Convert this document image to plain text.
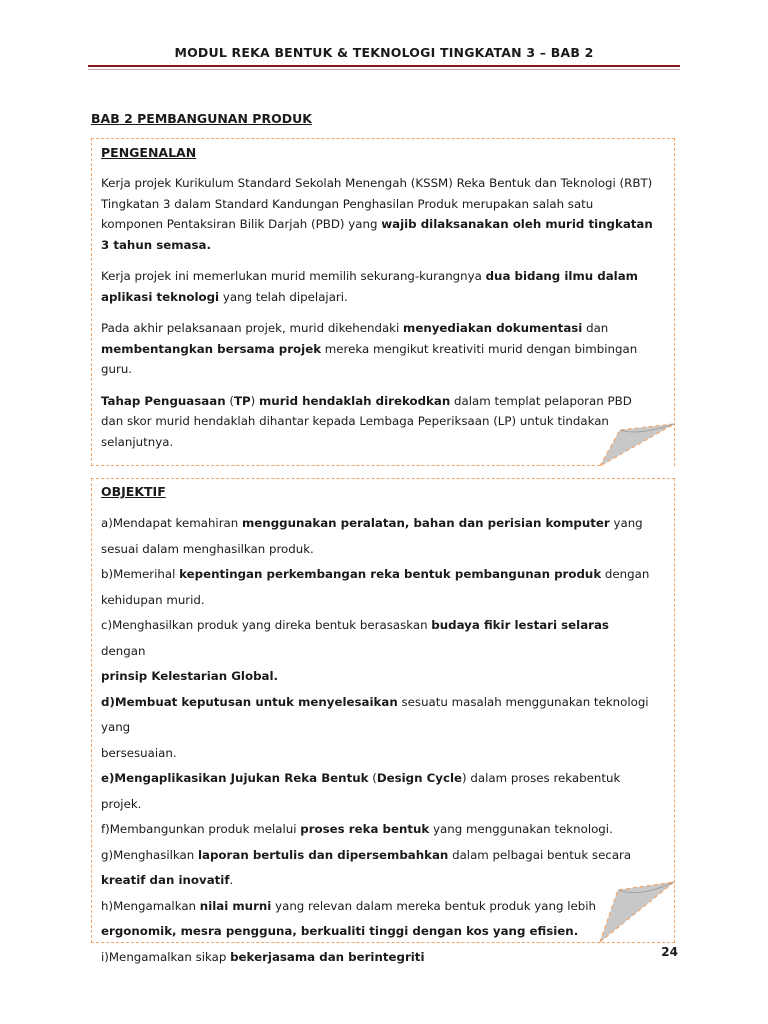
MODUL REKA BENTUK & TEKNOLOGI TINGKATAN 3 – BAB 2
BAB 2 PEMBANGUNAN PRODUK
PENGENALAN

Kerja projek Kurikulum Standard Sekolah Menengah (KSSM) Reka Bentuk dan Teknologi (RBT) Tingkatan 3 dalam Standard Kandungan Penghasilan Produk merupakan salah satu komponen Pentaksiran Bilik Darjah (PBD) yang wajib dilaksanakan oleh murid tingkatan 3 tahun semasa.

Kerja projek ini memerlukan murid memilih sekurang-kurangnya dua bidang ilmu dalam aplikasi teknologi yang telah dipelajari.

Pada akhir pelaksanaan projek, murid dikehendaki menyediakan dokumentasi dan membentangkan bersama projek mereka mengikut kreativiti murid dengan bimbingan guru.

Tahap Penguasaan (TP) murid hendaklah direkodkan dalam templat pelaporan PBD dan skor murid hendaklah dihantar kepada Lembaga Peperiksaan (LP) untuk tindakan selanjutnya.

OBJEKTIF

a)Mendapat kemahiran menggunakan peralatan, bahan dan perisian komputer yang

sesuai dalam menghasilkan produk.

b)Memerihal kepentingan perkembangan reka bentuk pembangunan produk dengan

kehidupan murid.

c)Menghasilkan produk yang direka bentuk berasaskan budaya fikir lestari selaras dengan

prinsip Kelestarian Global.

d)Membuat keputusan untuk menyelesaikan sesuatu masalah menggunakan teknologi yang

bersesuaian.

e)Mengaplikasikan Jujukan Reka Bentuk (Design Cycle) dalam proses rekabentuk projek.

f)Membangunkan produk melalui proses reka bentuk yang menggunakan teknologi.

g)Menghasilkan laporan bertulis dan dipersembahkan dalam pelbagai bentuk secara

kreatif dan inovatif.

h)Mengamalkan nilai murni yang relevan dalam mereka bentuk produk yang lebih

ergonomik, mesra pengguna, berkualiti tinggi dengan kos yang efisien.

i)Mengamalkan sikap bekerjasama dan berintegriti	24
